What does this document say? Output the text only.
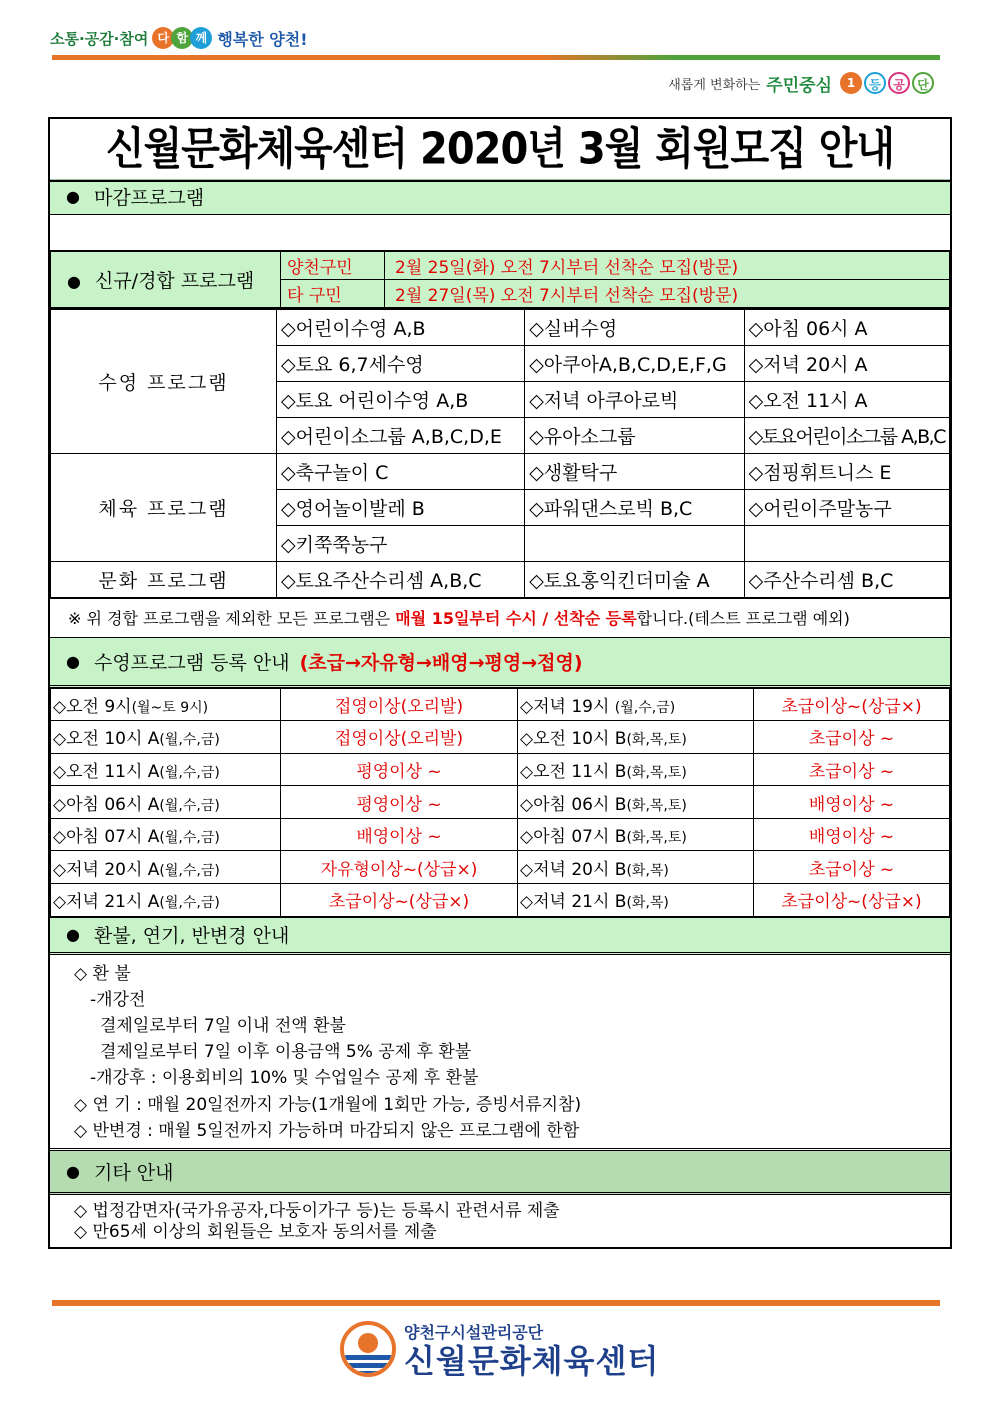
소통·공감·참여 다 함 께 행복한 양천!
새롭게 변화하는 주민중심	1	등	공	단
신월문화체육센터 2020년 3월 회원모집 안내
● 마감프로그램
● 신규/경합 프로그램	양천구민	2월 25일(화) 오전 7시부터 선착순 모집(방문)
	타 구민	2월 27일(목) 오전 7시부터 선착순 모집(방문)
수영 프로그램	◇어린이수영 A,B	◇실버수영	◇아침 06시 A
	◇토요 6,7세수영	◇아쿠아A,B,C,D,E,F,G	◇저녁 20시 A
	◇토요 어린이수영 A,B	◇저녁 아쿠아로빅	◇오전 11시 A
	◇어린이소그룹 A,B,C,D,E	◇유아소그룹	◇토요어린이소그룹 A,B,C
체육 프로그램	◇축구놀이 C	◇생활탁구	◇점핑휘트니스 E
	◇영어놀이발레 B	◇파워댄스로빅 B,C	◇어린이주말농구
	◇키쭉쭉농구		
문화 프로그램	◇토요주산수리셈 A,B,C	◇토요홍익킨더미술 A	◇주산수리셈 B,C
※ 위 경합 프로그램을 제외한 모든 프로그램은 매월 15일부터 수시 / 선착순 등록 합니다.(테스트 프로그램 예외)
● 수영프로그램 등록 안내 (초급→자유형→배영→평영→접영)
◇오전 9시(월~토 9시)	접영이상(오리발)	◇저녁 19시 (월,수,금)	초급이상~(상급×)
◇오전 10시 A(월,수,금)	접영이상(오리발)	◇오전 10시 B(화,목,토)	초급이상 ~
◇오전 11시 A(월,수,금)	평영이상 ~	◇오전 11시 B(화,목,토)	초급이상 ~
◇아침 06시 A(월,수,금)	평영이상 ~	◇아침 06시 B(화,목,토)	배영이상 ~
◇아침 07시 A(월,수,금)	배영이상 ~	◇아침 07시 B(화,목,토)	배영이상 ~
◇저녁 20시 A(월,수,금)	자유형이상~(상급×)	◇저녁 20시 B(화,목)	초급이상 ~
◇저녁 21시 A(월,수,금)	초급이상~(상급×)	◇저녁 21시 B(화,목)	초급이상~(상급×)
● 환불, 연기, 반변경 안내
◇ 환 불
-개강전
결제일로부터 7일 이내 전액 환불
결제일로부터 7일 이후 이용금액 5% 공제 후 환불
-개강후 : 이용회비의 10% 및 수업일수 공제 후 환불
◇ 연 기 : 매월 20일전까지 가능(1개월에 1회만 가능, 증빙서류지참)
◇ 반변경 : 매월 5일전까지 가능하며 마감되지 않은 프로그램에 한함
● 기타 안내
◇ 법정감면자(국가유공자,다둥이가구 등)는 등록시 관련서류 제출
◇ 만65세 이상의 회원들은 보호자 동의서를 제출
양천구시설관리공단
신월문화체육센터
